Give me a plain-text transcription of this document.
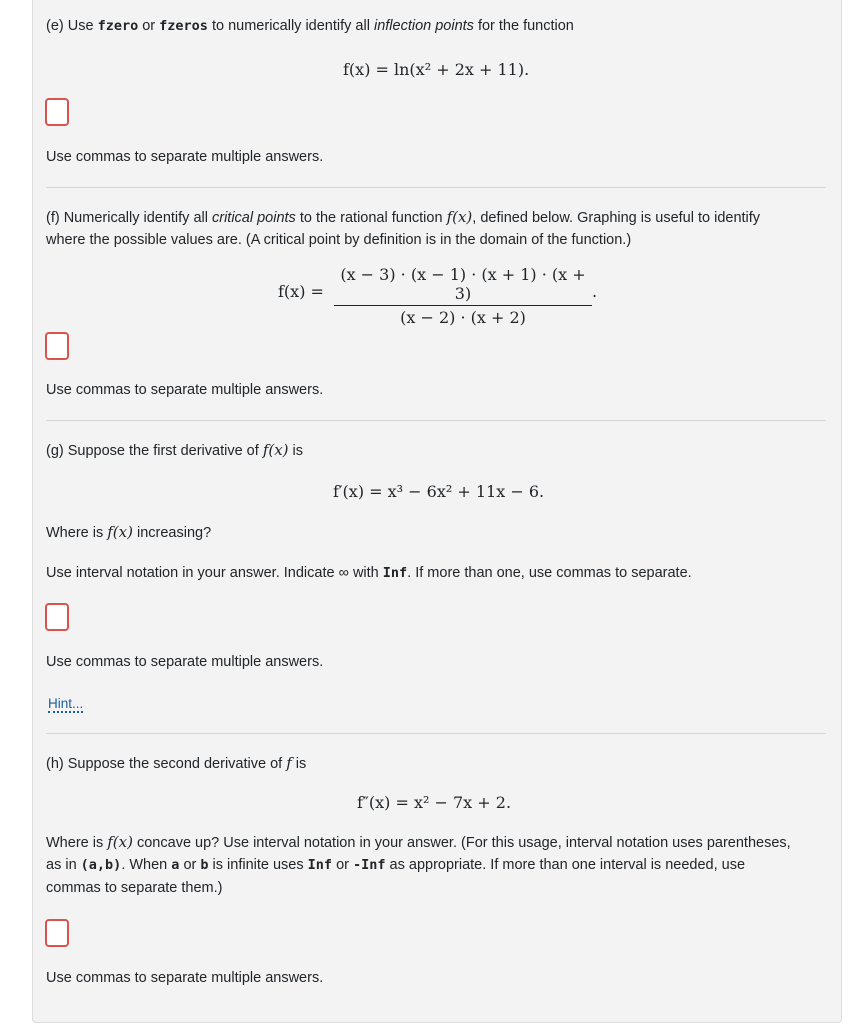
(e) Use fzero or fzeros to numerically identify all inflection points for the function
f(x) = ln(x² + 2x + 11).
Use commas to separate multiple answers.
(f) Numerically identify all critical points to the rational function f(x), defined below. Graphing is useful to identify
where the possible values are. (A critical point by definition is in the domain of the function.)
f(x) =
(x − 3) · (x − 1) · (x + 1) · (x + 3)
(x − 2) · (x + 2)
.
Use commas to separate multiple answers.
(g) Suppose the first derivative of f(x) is
f′(x) = x³ − 6x² + 11x − 6.
Where is f(x) increasing?
Use interval notation in your answer. Indicate ∞ with Inf. If more than one, use commas to separate.
Use commas to separate multiple answers.
Hint...
(h) Suppose the second derivative of f is
f″(x) = x² − 7x + 2.
Where is f(x) concave up? Use interval notation in your answer. (For this usage, interval notation uses parentheses,
as in (a,b). When a or b is infinite uses Inf or -Inf as appropriate. If more than one interval is needed, use
commas to separate them.)
Use commas to separate multiple answers.
